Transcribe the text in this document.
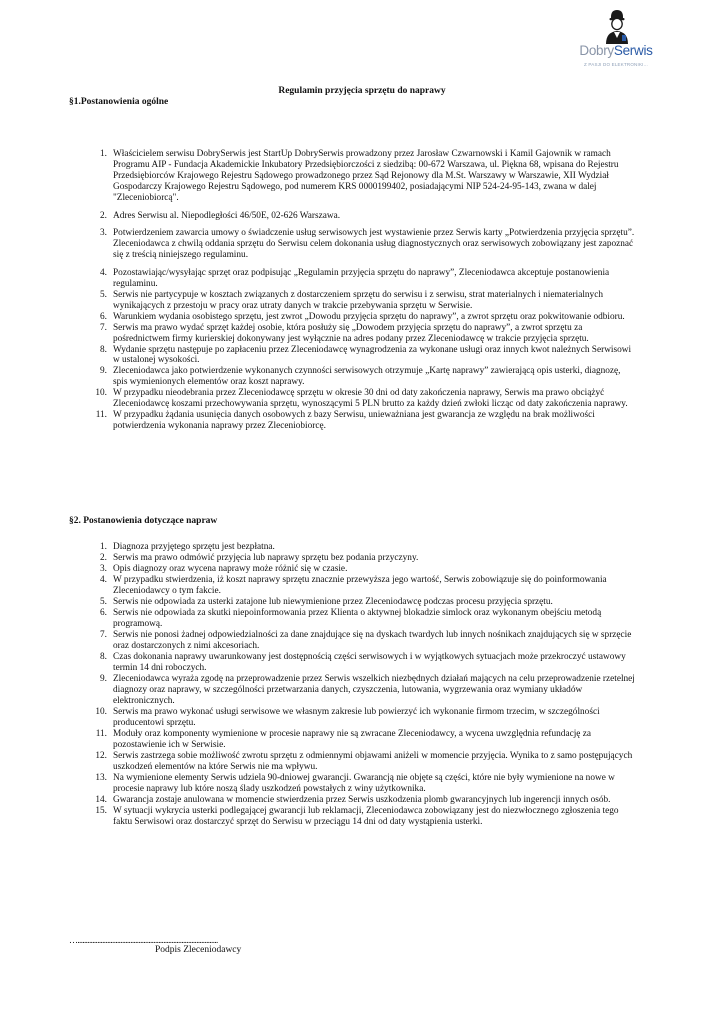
DobrySerwis
Z PASJI DO ELEKTRONIKI...
Regulamin przyjęcia sprzętu do naprawy
§1.Postanowienia ogólne
1. Właścicielem serwisu DobrySerwis jest StartUp DobrySerwis prowadzony przez Jarosław Czwarnowski i Kamil Gajownik w ramach Programu AIP - Fundacja Akademickie Inkubatory Przedsiębiorczości z siedzibą: 00-672 Warszawa, ul. Piękna 68, wpisana do Rejestru Przedsiębiorców Krajowego Rejestru Sądowego prowadzonego przez Sąd Rejonowy dla M.St. Warszawy w Warszawie, XII Wydział Gospodarczy Krajowego Rejestru Sądowego, pod numerem KRS 0000199402, posiadającymi NIP 524-24-95-143, zwana w dalej "Zleceniobiorcą".
2. Adres Serwisu al. Niepodległości 46/50E, 02-626 Warszawa.
3. Potwierdzeniem zawarcia umowy o świadczenie usług serwisowych jest wystawienie przez Serwis karty „Potwierdzenia przyjęcia sprzętu”. Zleceniodawca z chwilą oddania sprzętu do Serwisu celem dokonania usług diagnostycznych oraz serwisowych zobowiązany jest zapoznać się z treścią niniejszego regulaminu.
4. Pozostawiając/wysyłając sprzęt oraz podpisując „Regulamin przyjęcia sprzętu do naprawy”, Zleceniodawca akceptuje postanowienia regulaminu.
5. Serwis nie partycypuje w kosztach związanych z dostarczeniem sprzętu do serwisu i z serwisu, strat materialnych i niematerialnych wynikających z przestoju w pracy oraz utraty danych w trakcie przebywania sprzętu w Serwisie.
6. Warunkiem wydania osobistego sprzętu, jest zwrot „Dowodu przyjęcia sprzętu do naprawy”, a zwrot sprzętu oraz pokwitowanie odbioru.
7. Serwis ma prawo wydać sprzęt każdej osobie, która posłuży się „Dowodem przyjęcia sprzętu do naprawy”, a zwrot sprzętu za pośrednictwem firmy kurierskiej dokonywany jest wyłącznie na adres podany przez Zleceniodawcę w trakcie przyjęcia sprzętu.
8. Wydanie sprzętu następuje po zapłaceniu przez Zleceniodawcę wynagrodzenia za wykonane usługi oraz innych kwot należnych Serwisowi w ustalonej wysokości.
9. Zleceniodawca jako potwierdzenie wykonanych czynności serwisowych otrzymuje „Kartę naprawy” zawierającą opis usterki, diagnozę, spis wymienionych elementów oraz koszt naprawy.
10. W przypadku nieodebrania przez Zleceniodawcę sprzętu w okresie 30 dni od daty zakończenia naprawy, Serwis ma prawo obciążyć Zleceniodawcę koszami przechowywania sprzętu, wynoszącymi 5 PLN brutto za każdy dzień zwłoki licząc od daty zakończenia naprawy.
11. W przypadku żądania usunięcia danych osobowych z bazy Serwisu, unieważniana jest gwarancja ze względu na brak możliwości potwierdzenia wykonania naprawy przez Zleceniobiorcę.
§2. Postanowienia dotyczące napraw
1. Diagnoza przyjętego sprzętu jest bezpłatna.
2. Serwis ma prawo odmówić przyjęcia lub naprawy sprzętu bez podania przyczyny.
3. Opis diagnozy oraz wycena naprawy może różnić się w czasie.
4. W przypadku stwierdzenia, iż koszt naprawy sprzętu znacznie przewyższa jego wartość, Serwis zobowiązuje się do poinformowania Zleceniodawcy o tym fakcie.
5. Serwis nie odpowiada za usterki zatajone lub niewymienione przez Zleceniodawcę podczas procesu przyjęcia sprzętu.
6. Serwis nie odpowiada za skutki niepoinformowania przez Klienta o aktywnej blokadzie simlock oraz wykonanym obejściu metodą programową.
7. Serwis nie ponosi żadnej odpowiedzialności za dane znajdujące się na dyskach twardych lub innych nośnikach znajdujących się w sprzęcie oraz dostarczonych z nimi akcesoriach.
8. Czas dokonania naprawy uwarunkowany jest dostępnością części serwisowych i w wyjątkowych sytuacjach może przekroczyć ustawowy termin 14 dni roboczych.
9. Zleceniodawca wyraża zgodę na przeprowadzenie przez Serwis wszelkich niezbędnych działań mających na celu przeprowadzenie rzetelnej diagnozy oraz naprawy, w szczególności przetwarzania danych, czyszczenia, lutowania, wygrzewania oraz wymiany układów elektronicznych.
10. Serwis ma prawo wykonać usługi serwisowe we własnym zakresie lub powierzyć ich wykonanie firmom trzecim, w szczególności producentowi sprzętu.
11. Moduły oraz komponenty wymienione w procesie naprawy nie są zwracane Zleceniodawcy, a wycena uwzględnia refundację za pozostawienie ich w Serwisie.
12. Serwis zastrzega sobie możliwość zwrotu sprzętu z odmiennymi objawami aniżeli w momencie przyjęcia. Wynika to z samo postępujących uszkodzeń elementów na które Serwis nie ma wpływu.
13. Na wymienione elementy Serwis udziela 90-dniowej gwarancji. Gwarancją nie objęte są części, które nie były wymienione na nowe w procesie naprawy lub które noszą ślady uszkodzeń powstałych z winy użytkownika.
14. Gwarancja zostaje anulowana w momencie stwierdzenia przez Serwis uszkodzenia plomb gwarancyjnych lub ingerencji innych osób.
15. W sytuacji wykrycia usterki podlegającej gwarancji lub reklamacji, Zleceniodawca zobowiązany jest do niezwłocznego zgłoszenia tego faktu Serwisowi oraz dostarczyć sprzęt do Serwisu w przeciągu 14 dni od daty wystąpienia usterki.
….....................................................................................
Podpis Zleceniodawcy
